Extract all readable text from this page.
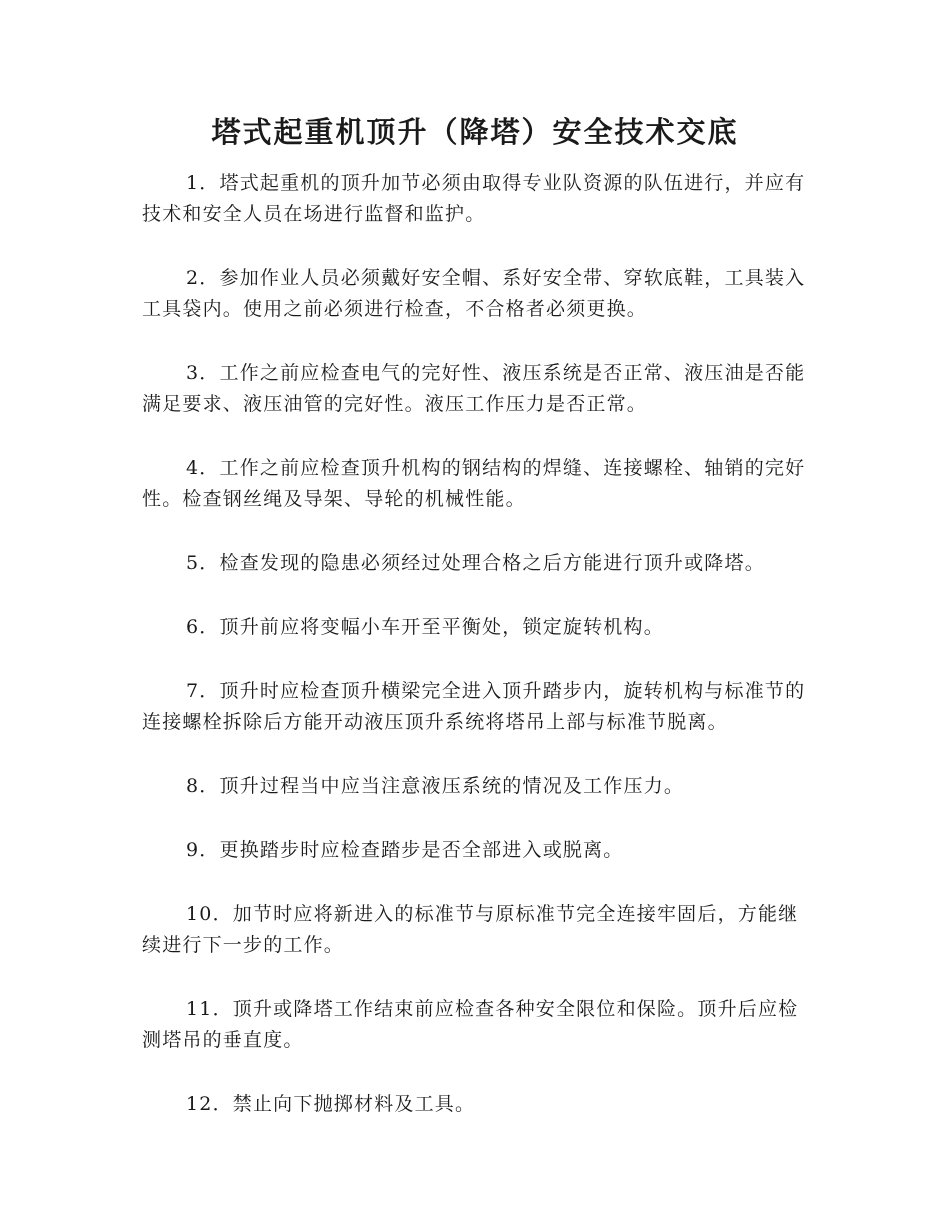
塔式起重机顶升（降塔）安全技术交底

1．塔式起重机的顶升加节必须由取得专业队资源的队伍进行，并应有技术和安全人员在场进行监督和监护。

2．参加作业人员必须戴好安全帽、系好安全带、穿软底鞋，工具装入工具袋内。使用之前必须进行检查，不合格者必须更换。

3．工作之前应检查电气的完好性、液压系统是否正常、液压油是否能满足要求、液压油管的完好性。液压工作压力是否正常。

4．工作之前应检查顶升机构的钢结构的焊缝、连接螺栓、轴销的完好性。检查钢丝绳及导架、导轮的机械性能。

5．检查发现的隐患必须经过处理合格之后方能进行顶升或降塔。

6．顶升前应将变幅小车开至平衡处，锁定旋转机构。

7．顶升时应检查顶升横梁完全进入顶升踏步内，旋转机构与标准节的连接螺栓拆除后方能开动液压顶升系统将塔吊上部与标准节脱离。

8．顶升过程当中应当注意液压系统的情况及工作压力。

9．更换踏步时应检查踏步是否全部进入或脱离。

10．加节时应将新进入的标准节与原标准节完全连接牢固后，方能继续进行下一步的工作。

11．顶升或降塔工作结束前应检查各种安全限位和保险。顶升后应检测塔吊的垂直度。

12．禁止向下抛掷材料及工具。
